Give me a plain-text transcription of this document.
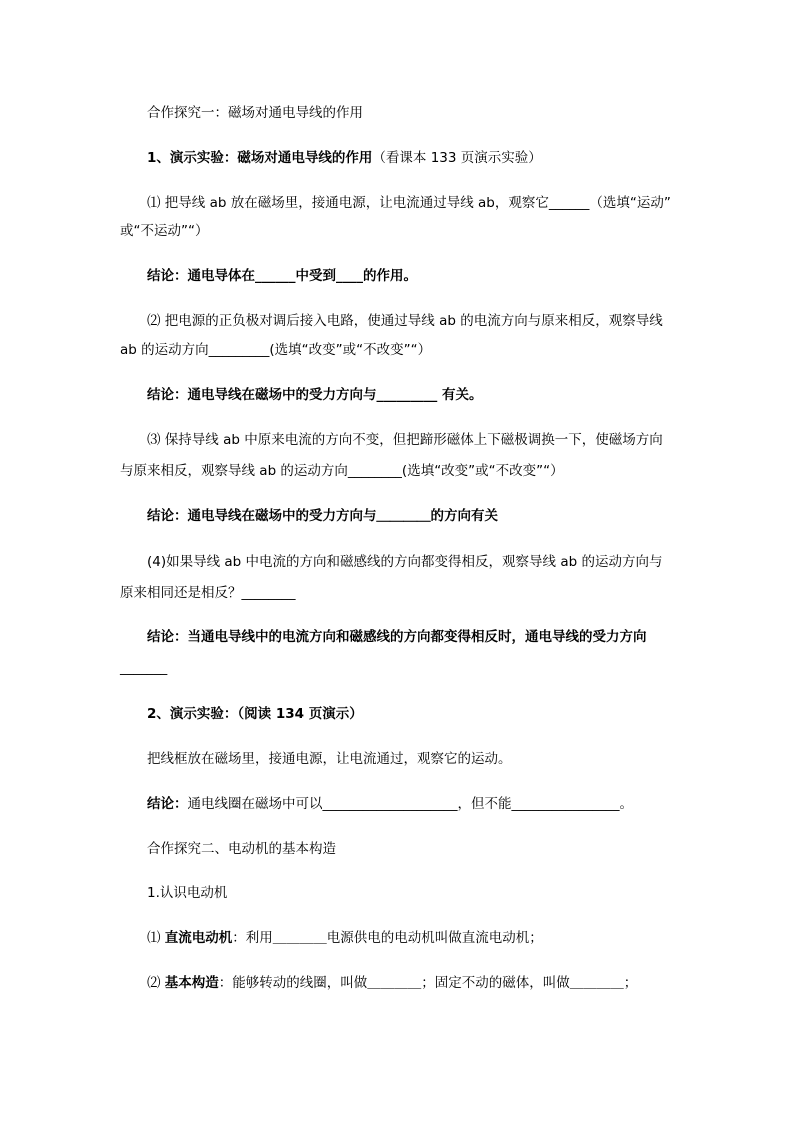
合作探究一：磁场对通电导线的作用
1、演示实验：磁场对通电导线的作用（看课本 133 页演示实验）
⑴ 把导线 ab 放在磁场里，接通电源，让电流通过导线 ab，观察它______（选填“运动”
或“不运动”“）
结论：通电导体在______中受到____的作用。
⑵ 把电源的正负极对调后接入电路，使通过导线 ab 的电流方向与原来相反，观察导线
ab 的运动方向_________(选填“改变”或“不改变”“）
结论：通电导线在磁场中的受力方向与_________ 有关。
⑶ 保持导线 ab 中原来电流的方向不变，但把蹄形磁体上下磁极调换一下，使磁场方向
与原来相反，观察导线 ab 的运动方向________(选填“改变”或“不改变”“）
结论：通电导线在磁场中的受力方向与＿＿＿＿的方向有关
(4)如果导线 ab 中电流的方向和磁感线的方向都变得相反，观察导线 ab 的运动方向与
原来相同还是相反？________
结论：当通电导线中的电流方向和磁感线的方向都变得相反时，通电导线的受力方向
_______
2、演示实验：（阅读 134 页演示）
把线框放在磁场里，接通电源，让电流通过，观察它的运动。
结论：通电线圈在磁场中可以____________________，但不能________________。
合作探究二、电动机的基本构造
1.认识电动机
⑴ 直流电动机：利用＿＿＿＿电源供电的电动机叫做直流电动机；
⑵ 基本构造：能够转动的线圈，叫做＿＿＿＿；固定不动的磁体，叫做＿＿＿＿；
